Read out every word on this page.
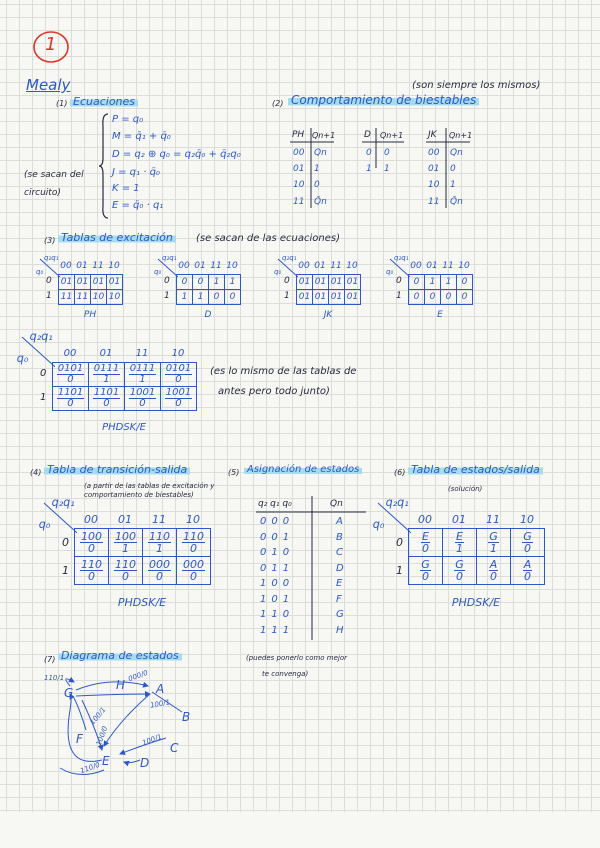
1
Mealy	(son siempre los mismos)
(1) Ecuaciones
(se sacan del circuito)
P = q₀
M = q̄₁ + q̄₀
D = q₂ ⊕ q₀ = q₂q̄₀ + q̄₂q₀
J = q₁ · q̄₀
K = 1
E = q̄₀ · q₁
(2) Comportamiento de biestables
PH Qn+1
00 Qn
01 1
10 0
11 Q̄n
D Qn+1
0 0
1 1
JK Qn+1
00 Qn
01 0
10 1
11 Q̄n
(3) Tablas de excitación	(se sacan de las ecuaciones)
q₂q₁
q₀
00 01 11 10
0
1
01	01	01	01
11	11	10	10
PH
q₂q₁
q₀
00 01 11 10
0
1
0	0	1	1
1	1	0	0
D
q₂q₁
q₀
00 01 11 10
0
1
01	01	01	01
01	01	01	01
JK
q₂q₁
q₀
00 01 11 10
0
1
0	1	1	0
0	0	0	0
E
q₂q₁
q₀	00	01	11	10
0
1
$\frac{0101}{0}$	$\frac{0111}{1}$	$\frac{0111}{1}$	$\frac{0101}{0}$

$\frac{1101}{0}$	$\frac{1101}{0}$	$\frac{1001}{0}$	$\frac{1001}{0}$
PHDSK/E
(es lo mismo de las tablas de
antes pero todo junto)
(4) Tabla de transición-salida
(a partir de las tablas de excitación y
comportamiento de biestables)
q₂q₁
q₀	00	01	11	10
0
1
$\frac{100}{0}$	$\frac{100}{1}$	$\frac{110}{1}$	$\frac{110}{0}$

$\frac{110}{0}$	$\frac{110}{0}$	$\frac{000}{0}$	$\frac{000}{0}$
PHDSK/E
(5) Asignación de estados
q₂ q₁ q₀	Qn
000	A
001	B
010	C
011	D
100	E
101	F
110	G
111	H
(puedes ponerlo como mejor
te convenga)
(6) Tabla de estados/salida
(solución)
q₂q₁
q₀	00	01	11	10
0
1
$\frac{E}{0}$	$\frac{E}{1}$	$\frac{G}{1}$	$\frac{G}{0}$

$\frac{G}{0}$	$\frac{G}{0}$	$\frac{A}{0}$	$\frac{A}{0}$
PHDSK/E
(7) Diagrama de estados
G
H	A
B
C
D
E
F
110/1	000/0
100/1
100/1
100/0	100/1
110/0
